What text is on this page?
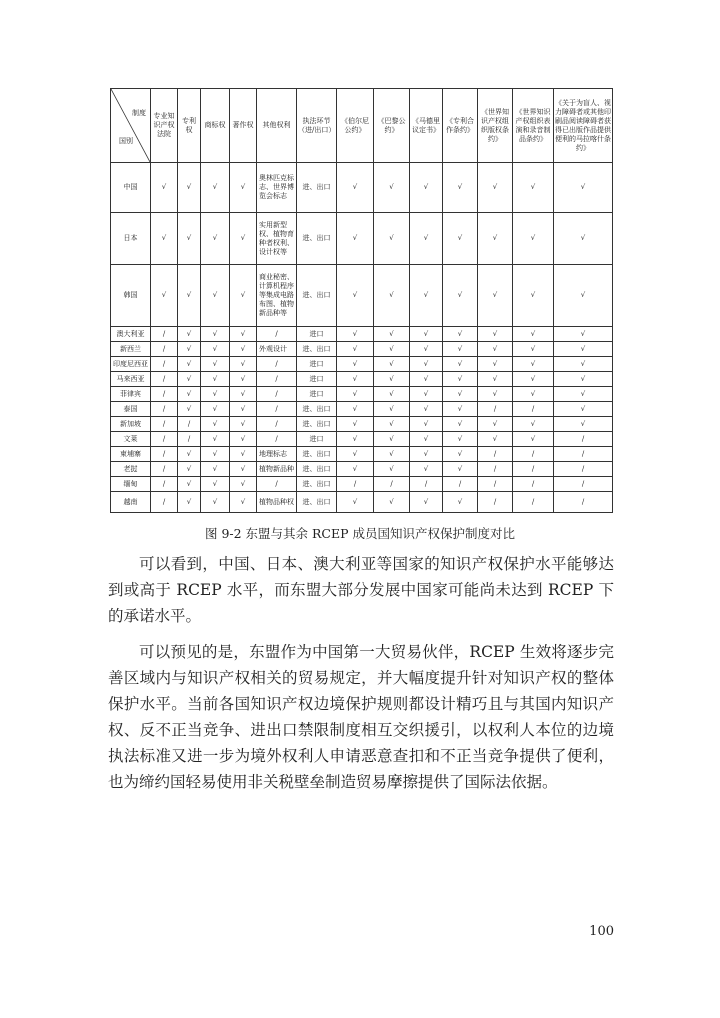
制度
国别	专业知识产权法院	专利权	商标权	著作权	其他权利	执法环节（进/出口）	《伯尔尼公约》	《巴黎公约》	《马德里议定书》	《专利合作条约》	《世界知识产权组织版权条约》	《世界知识产权组织表演和录音制品条约》	《关于为盲人、视力障碍者或其他印刷品阅读障碍者获得已出版作品提供便利的马拉喀什条约》
中国	√	√	√	√	奥林匹克标志、世界博览会标志	进、出口	√	√	√	√	√	√	√
日本	√	√	√	√	实用新型权、植物育种者权利、设计权等	进、出口	√	√	√	√	√	√	√
韩国	√	√	√	√	商业秘密、计算机程序等集成电路布图、植物新品种等	进、出口	√	√	√	√	√	√	√
澳大利亚	/	√	√	√	/	进口	√	√	√	√	√	√	√
新西兰	/	√	√	√	外观设计	进、出口	√	√	√	√	√	√	√
印度尼西亚	/	√	√	√	/	进口	√	√	√	√	√	√	√
马来西亚	/	√	√	√	/	进口	√	√	√	√	√	√	√
菲律宾	/	√	√	√	/	进口	√	√	√	√	√	√	√
泰国	/	√	√	√	/	进、出口	√	√	√	√	/	/	√
新加坡	/	/	√	√	/	进、出口	√	√	√	√	√	√	√
文莱	/	/	√	√	/	进口	√	√	√	√	√	√	/
柬埔寨	/	√	√	√	地理标志	进、出口	√	√	√	√	/	/	/
老挝	/	√	√	√	植物新品种	进、出口	√	√	√	√	/	/	/
缅甸	/	√	√	√	/	进、出口	/	/	/	/	/	/	/
越南	/	√	√	√	植物品种权	进、出口	√	√	√	√	/	/	/
图 9-2 东盟与其余 RCEP 成员国知识产权保护制度对比

可以看到，中国、日本、澳大利亚等国家的知识产权保护水平能够达到或高于 RCEP 水平，而东盟大部分发展中国家可能尚未达到 RCEP 下的承诺水平。

可以预见的是，东盟作为中国第一大贸易伙伴，RCEP 生效将逐步完善区域内与知识产权相关的贸易规定，并大幅度提升针对知识产权的整体保护水平。当前各国知识产权边境保护规则都设计精巧且与其国内知识产权、反不正当竞争、进出口禁限制度相互交织援引，以权利人本位的边境执法标准又进一步为境外权利人申请恶意查扣和不正当竞争提供了便利，也为缔约国轻易使用非关税壁垒制造贸易摩擦提供了国际法依据。

100
